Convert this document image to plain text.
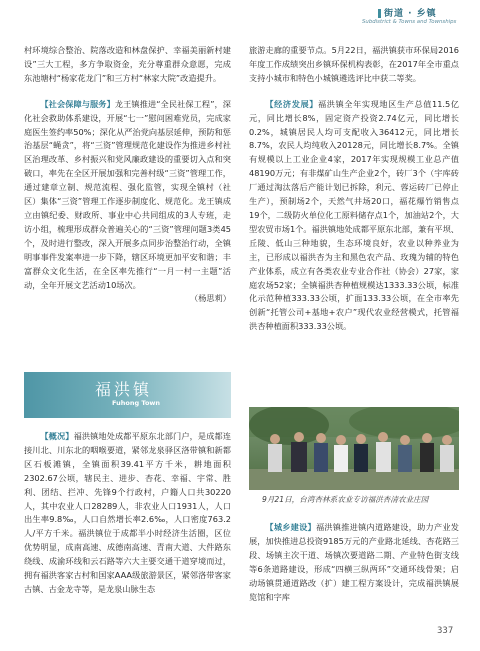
街道 · 乡镇
Subdistrict & Towns and Townships

村环境综合整治、院落改造和林盘保护、幸福美丽新村建设”三大工程，多方争取资金，充分尊重群众意愿，完成东池塘村“杨家花龙门”和三方村“林家大院”改造提升。

【社会保障与服务】龙王镇推进“全民社保工程”，深化社会救助体系建设，开展“七一”慰问困难党员，完成家庭医生签约率50%；深化从严治党向基层延伸，预防和惩治基层“蝇贪”，将“三资”管理规范化建设作为推进乡村社区治理改革、乡村振兴和党风廉政建设的重要切入点和突破口，率先在全区开展加强和完善村级“三资”管理工作，通过建章立制、规范流程、强化监管，实现全镇村（社区）集体“三资”管理工作逐步制度化、规范化。龙王镇成立由镇纪委、财政所、事业中心共同组成的3人专班，走访小组，梳理形成群众普遍关心的“三资”管理问题3类45个，及时进行整改，深入开展多点同步治整治行动，全镇明事事件发案率进一步下降，辖区环境更加平安和谐；丰富群众文化生活，在全区率先推行“一月一村一主题”活动，全年开展文艺活动10场次。

（杨思莉）

福洪镇
Fuhong Town

【概况】福洪镇地处成都平原东北部门户，是成都连接川北、川东北的咽喉要道，紧邻龙泉驿区洛带镇和新都区石板滩镇，全镇面积39.41平方千米，耕地面积2302.67公顷，辖民主、进步、杏花、幸福、宇常、胜利、团结、拦冲、先锋9个行政村，户籍人口共30220人，其中农业人口28289人，非农业人口1931人，人口出生率9.8‰，人口自然增长率2.6‰，人口密度763.2人/平方千米。福洪镇位于成都半小时经济生活圈，区位优势明显，成南高速、成德南高速、青南大道、大件路东绕线、成渝环线和云石路等六大主要交通干道穿境而过，拥有福洪客家古村和国家AAA级旅游景区，紧邻洛带客家古镇、古金龙寺等，是龙泉山脉生态

旅游走廊的重要节点。5月22日，福洪镇获市环保局2016年度工作成绩突出乡镇环保机构表彰，在2017年全市重点支持小城市和特色小城镇遴选评比中获二等奖。

【经济发展】福洪镇全年实现地区生产总值11.5亿元，同比增长8%，固定资产投资2.74亿元，同比增长0.2%，城镇居民人均可支配收入36412元，同比增长8.7%，农民人均纯收入20128元，同比增长8.7%。全镇有规模以上工业企业4家，2017年实现规模工业总产值48190万元；有非煤矿山生产企业2个，砖厂3个（宇库砖厂通过淘汰落后产能计划已拆除，利元、蓉运砖厂已停止生产），预制场2个，天然气井场20口，福花爆竹销售点19个，二级防火单位化工原料储存点1个，加油站2个，大型农贸市场1个。福洪镇地处成都平原东北部，兼有平坝、丘陵、低山三种地貌，生态环境良好，农业以种养业为主，已形成以福洪杏为主和黑色农产品、玫瑰为辅的特色产业体系，成立有各类农业专业合作社（协会）27家，家庭农场52家；全镇福洪杏种植规模达1333.33公顷，标准化示范种植333.33公顷，扩面133.33公顷，在全市率先创新“托管公司+基地+农户”现代农业经营模式，托管福洪杏种植面积333.33公顷。

9月21日，台湾杏林系农业专访福洪杏清农业庄园

【城乡建设】福洪镇推进镇内道路建设，助力产业发展，加快推进总投资9185万元的产业路北延线、杏花路三段、场镇主次干道、场镇次要道路二期、产业特色街支线等6条道路建设，形成“四横三纵两环”交通环线骨架；启动场镇贯通道路改（扩）建工程方案设计，完成福洪镇展览馆和字库

337
